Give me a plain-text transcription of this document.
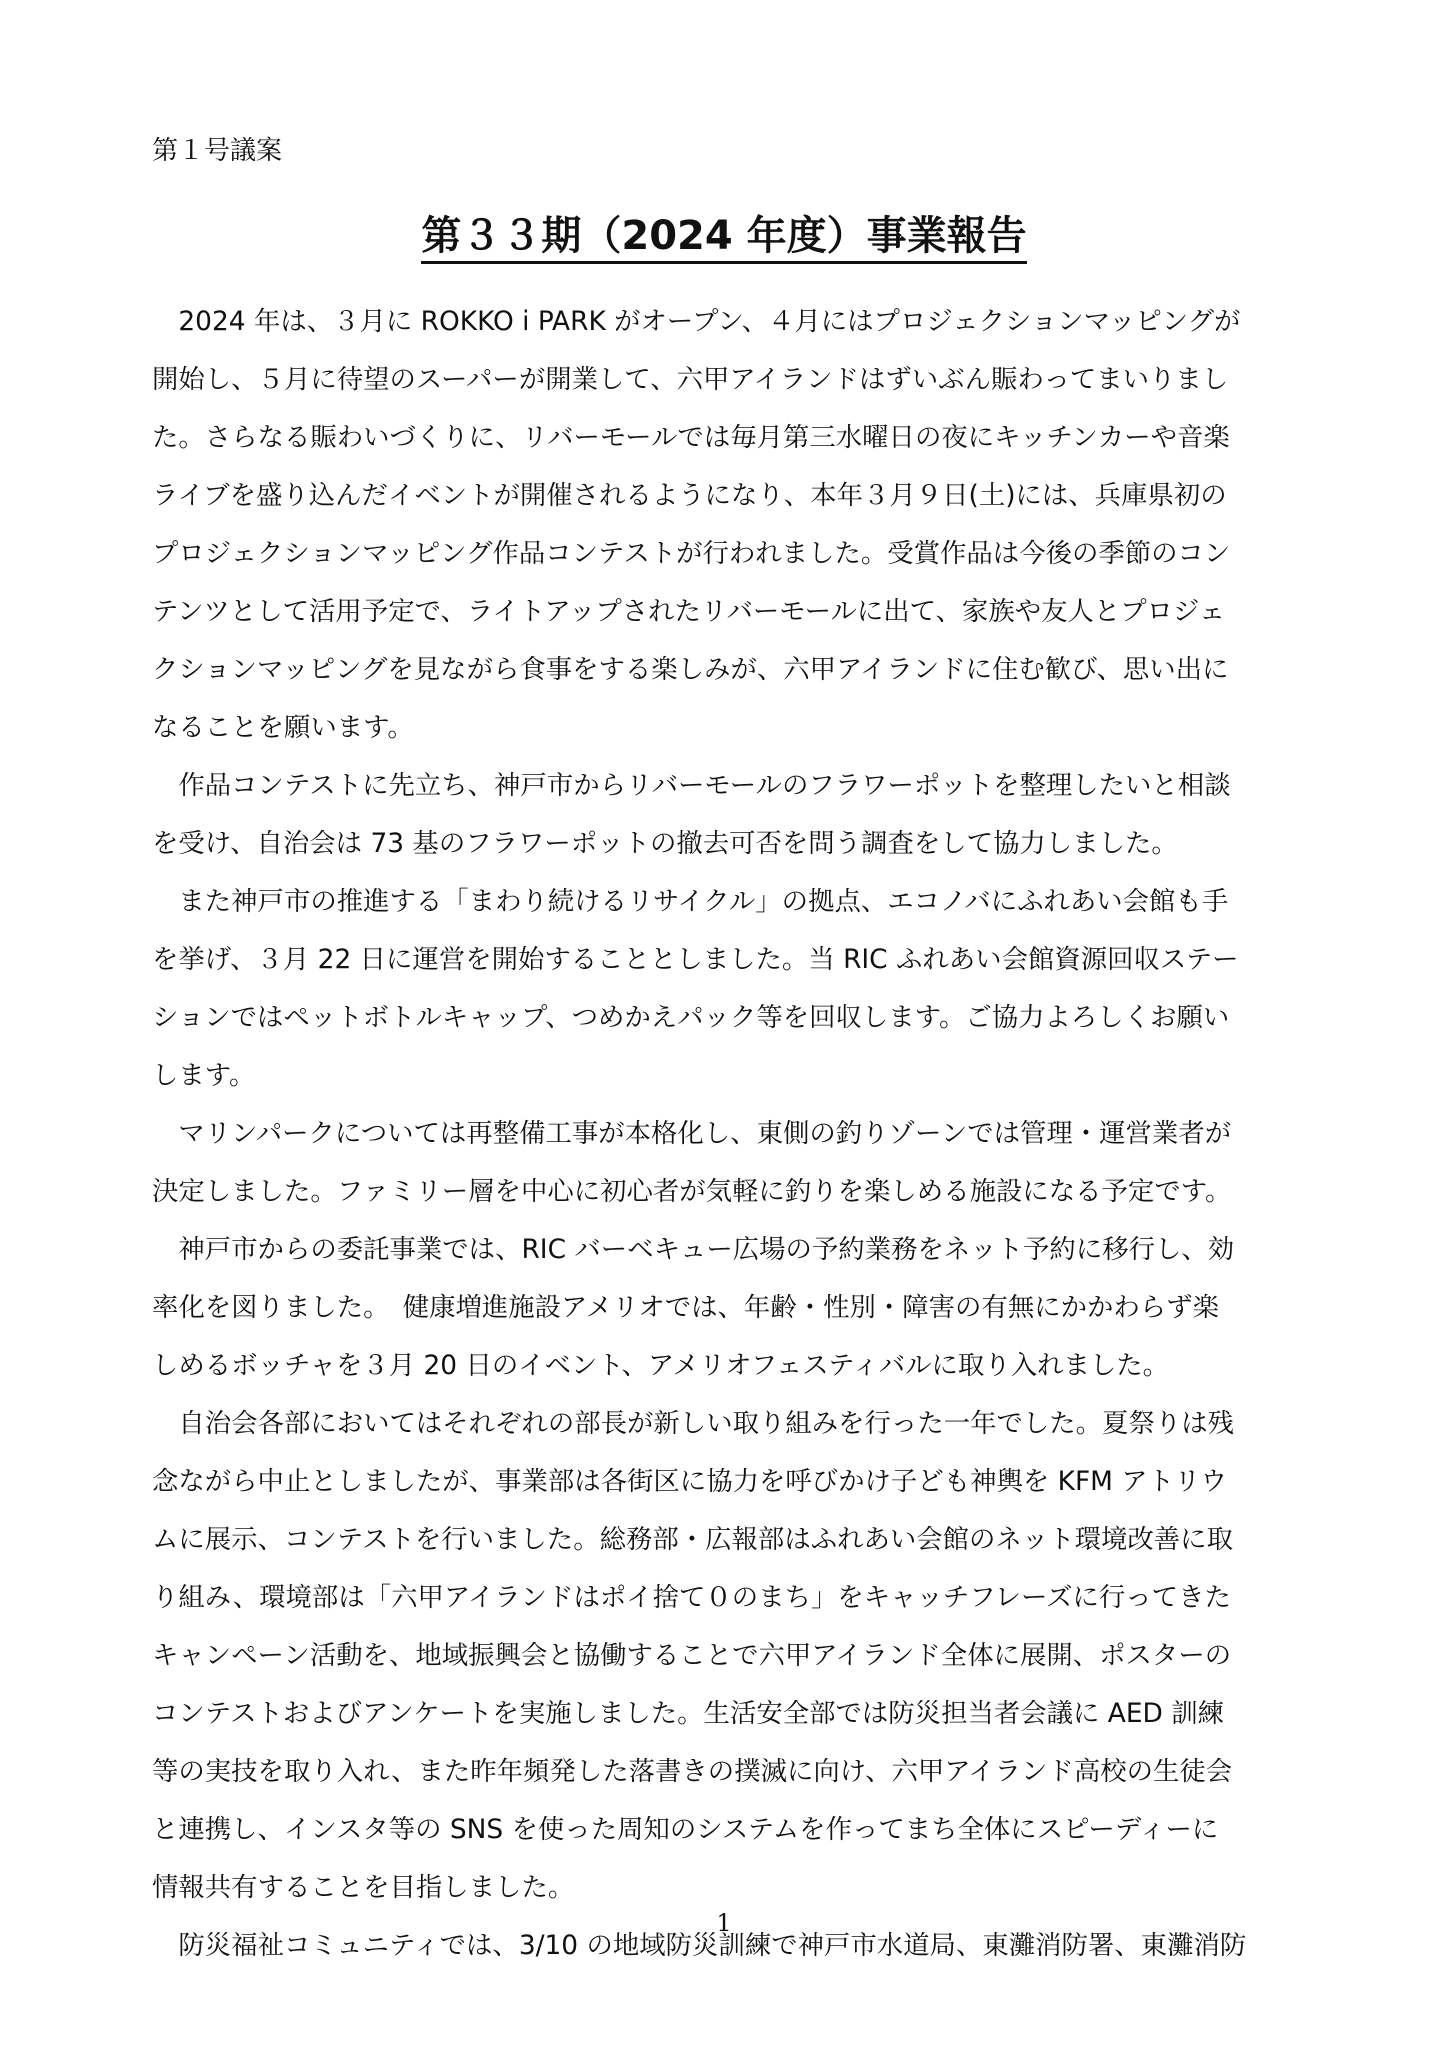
第１号議案
第３３期（2024 年度）事業報告
　2024 年は、３月に ROKKO i PARK がオープン、４月にはプロジェクションマッピングが
開始し、５月に待望のスーパーが開業して、六甲アイランドはずいぶん賑わってまいりまし
た。さらなる賑わいづくりに、リバーモールでは毎月第三水曜日の夜にキッチンカーや音楽
ライブを盛り込んだイベントが開催されるようになり、本年３月９日(土)には、兵庫県初の
プロジェクションマッピング作品コンテストが行われました。受賞作品は今後の季節のコン
テンツとして活用予定で、ライトアップされたリバーモールに出て、家族や友人とプロジェ
クションマッピングを見ながら食事をする楽しみが、六甲アイランドに住む歓び、思い出に
なることを願います。
　作品コンテストに先立ち、神戸市からリバーモールのフラワーポットを整理したいと相談
を受け、自治会は 73 基のフラワーポットの撤去可否を問う調査をして協力しました。
　また神戸市の推進する「まわり続けるリサイクル」の拠点、エコノバにふれあい会館も手
を挙げ、３月 22 日に運営を開始することとしました。当 RIC ふれあい会館資源回収ステー
ションではペットボトルキャップ、つめかえパック等を回収します。ご協力よろしくお願い
します。
　マリンパークについては再整備工事が本格化し、東側の釣りゾーンでは管理・運営業者が
決定しました。ファミリー層を中心に初心者が気軽に釣りを楽しめる施設になる予定です。
　神戸市からの委託事業では、RIC バーベキュー広場の予約業務をネット予約に移行し、効
率化を図りました。　健康増進施設アメリオでは、年齢・性別・障害の有無にかかわらず楽
しめるボッチャを３月 20 日のイベント、アメリオフェスティバルに取り入れました。
　自治会各部においてはそれぞれの部長が新しい取り組みを行った一年でした。夏祭りは残
念ながら中止としましたが、事業部は各街区に協力を呼びかけ子ども神輿を KFM アトリウ
ムに展示、コンテストを行いました。総務部・広報部はふれあい会館のネット環境改善に取
り組み、環境部は「六甲アイランドはポイ捨て０のまち」をキャッチフレーズに行ってきた
キャンペーン活動を、地域振興会と協働することで六甲アイランド全体に展開、ポスターの
コンテストおよびアンケートを実施しました。生活安全部では防災担当者会議に AED 訓練
等の実技を取り入れ、また昨年頻発した落書きの撲滅に向け、六甲アイランド高校の生徒会
と連携し、インスタ等の SNS を使った周知のシステムを作ってまち全体にスピーディーに
情報共有することを目指しました。
　防災福祉コミュニティでは、3/10 の地域防災訓練で神戸市水道局、東灘消防署、東灘消防
1
